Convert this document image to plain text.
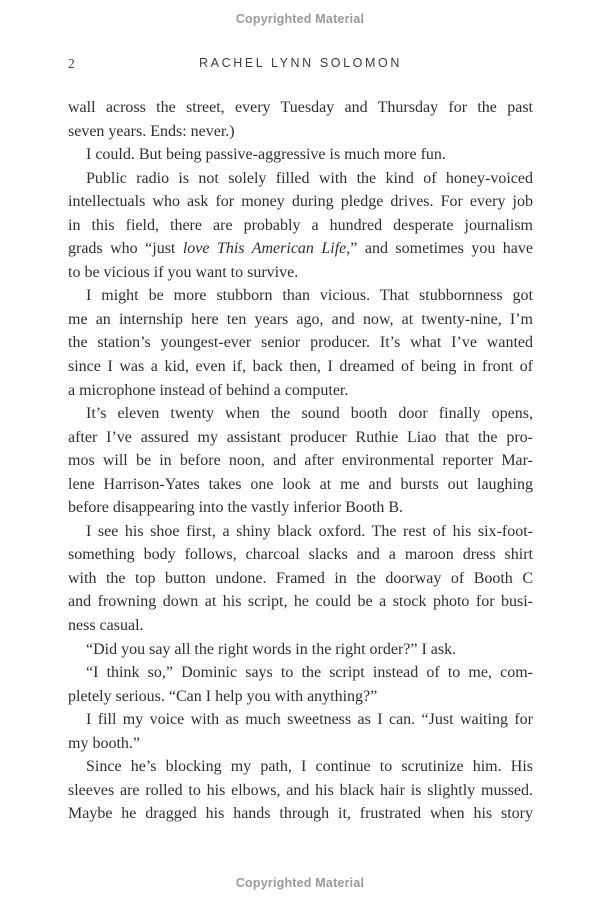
Copyrighted Material
2	RACHEL LYNN SOLOMON
wall across the street, every Tuesday and Thursday for the past
seven years. Ends: never.)
I could. But being passive-aggressive is much more fun.
Public radio is not solely filled with the kind of honey-voiced
intellectuals who ask for money during pledge drives. For every job
in this field, there are probably a hundred desperate journalism
grads who “just love This American Life,” and sometimes you have
to be vicious if you want to survive.
I might be more stubborn than vicious. That stubbornness got
me an internship here ten years ago, and now, at twenty-nine, I’m
the station’s youngest-ever senior producer. It’s what I’ve wanted
since I was a kid, even if, back then, I dreamed of being in front of
a microphone instead of behind a computer.
It’s eleven twenty when the sound booth door finally opens,
after I’ve assured my assistant producer Ruthie Liao that the pro-
mos will be in before noon, and after environmental reporter Mar-
lene Harrison-Yates takes one look at me and bursts out laughing
before disappearing into the vastly inferior Booth B.
I see his shoe first, a shiny black oxford. The rest of his six-foot-
something body follows, charcoal slacks and a maroon dress shirt
with the top button undone. Framed in the doorway of Booth C
and frowning down at his script, he could be a stock photo for busi-
ness casual.
“Did you say all the right words in the right order?” I ask.
“I think so,” Dominic says to the script instead of to me, com-
pletely serious. “Can I help you with anything?”
I fill my voice with as much sweetness as I can. “Just waiting for
my booth.”
Since he’s blocking my path, I continue to scrutinize him. His
sleeves are rolled to his elbows, and his black hair is slightly mussed.
Maybe he dragged his hands through it, frustrated when his story
Copyrighted Material
